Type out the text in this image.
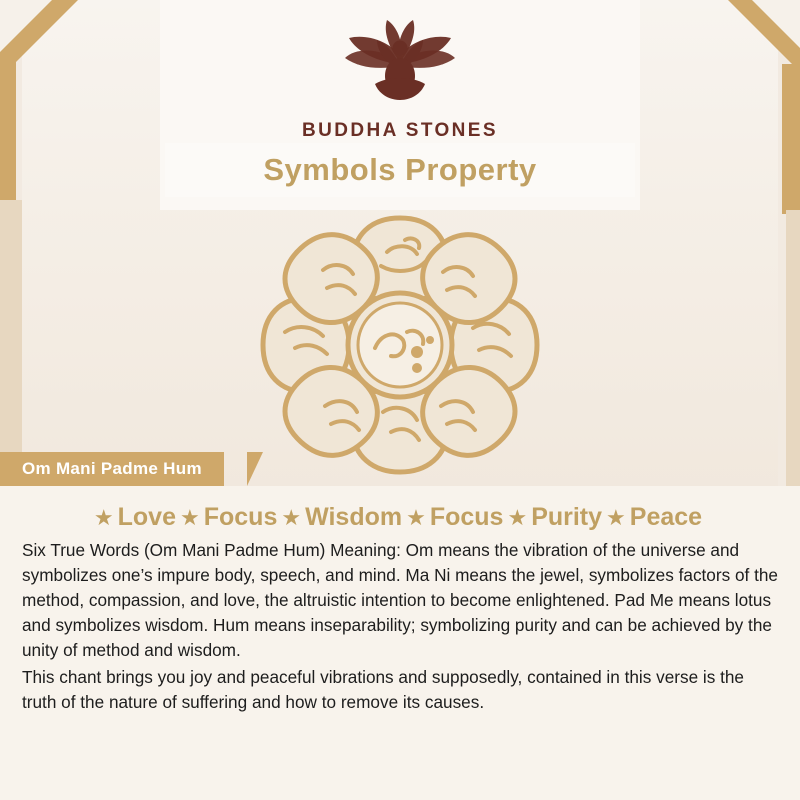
BUDDHA STONES
Symbols Property
Om Mani Padme Hum
★ Love ★ Focus ★ Wisdom ★ Focus ★ Purity ★ Peace

Six True Words (Om Mani Padme Hum) Meaning: Om means the vibration of the universe and symbolizes one’s impure body, speech, and mind. Ma Ni means the jewel, symbolizes factors of the method, compassion, and love, the altruistic intention to become enlightened. Pad Me means lotus and symbolizes wisdom. Hum means inseparability; symbolizing purity and can be achieved by the unity of method and wisdom.

This chant brings you joy and peaceful vibrations and supposedly, contained in this verse is the truth of the nature of suffering and how to remove its causes.
